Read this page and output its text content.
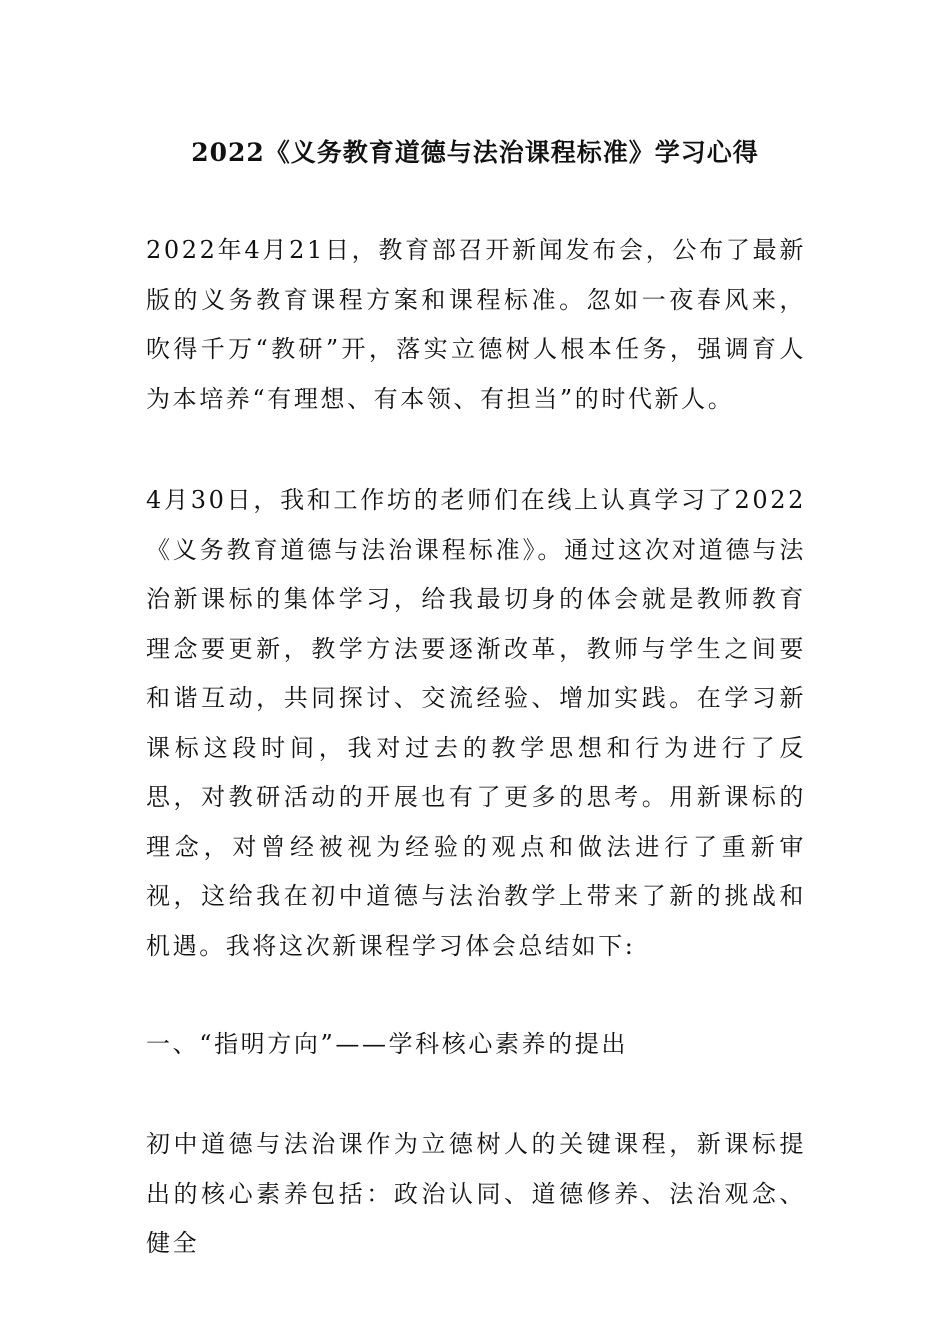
2022《义务教育道德与法治课程标准》学习心得

2022年4月21日，教育部召开新闻发布会，公布了最新版的义务教育课程方案和课程标准。忽如一夜春风来，吹得千万“教研”开，落实立德树人根本任务，强调育人为本培养“有理想、有本领、有担当”的时代新人。

4月30日，我和工作坊的老师们在线上认真学习了2022《义务教育道德与法治课程标准》。通过这次对道德与法治新课标的集体学习，给我最切身的体会就是教师教育理念要更新，教学方法要逐渐改革，教师与学生之间要和谐互动，共同探讨、交流经验、增加实践。在学习新课标这段时间，我对过去的教学思想和行为进行了反思，对教研活动的开展也有了更多的思考。用新课标的理念，对曾经被视为经验的观点和做法进行了重新审视，这给我在初中道德与法治教学上带来了新的挑战和机遇。我将这次新课程学习体会总结如下:

一、“指明方向”——学科核心素养的提出

初中道德与法治课作为立德树人的关键课程，新课标提出的核心素养包括：政治认同、道德修养、法治观念、健全
